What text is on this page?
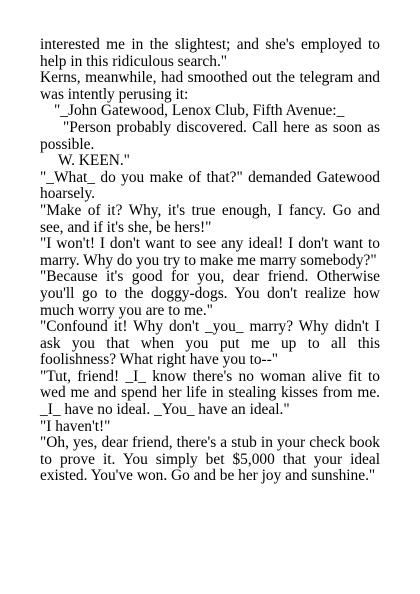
interested me in the slightest; and she's employed to help in this ridiculous search."

Kerns, meanwhile, had smoothed out the telegram and was intently perusing it:

"_John Gatewood, Lenox Club, Fifth Avenue:_

"Person probably discovered. Call here as soon as possible.

W. KEEN."

"_What_ do you make of that?" demanded Gatewood hoarsely.

"Make of it? Why, it's true enough, I fancy. Go and see, and if it's she, be hers!"

"I won't! I don't want to see any ideal! I don't want to marry. Why do you try to make me marry somebody?"

"Because it's good for you, dear friend. Otherwise you'll go to the doggy-dogs. You don't realize how much worry you are to me."

"Confound it! Why don't _you_ marry? Why didn't I ask you that when you put me up to all this foolishness? What right have you to--"

"Tut, friend! _I_ know there's no woman alive fit to wed me and spend her life in stealing kisses from me. _I_ have no ideal. _You_ have an ideal."

"I haven't!"

"Oh, yes, dear friend, there's a stub in your check book to prove it. You simply bet $5,000 that your ideal existed. You've won. Go and be her joy and sunshine."
